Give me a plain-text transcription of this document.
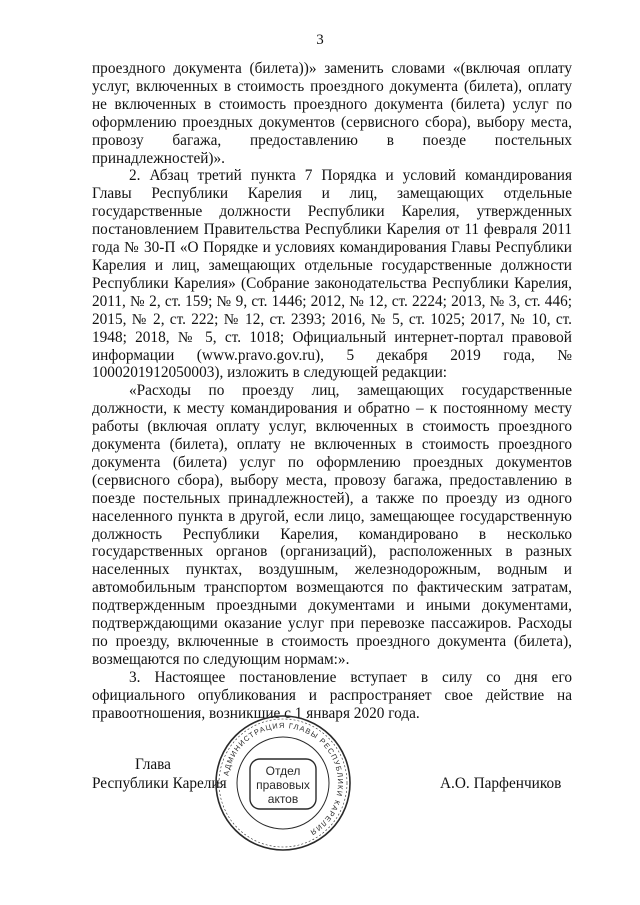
3

проездного документа (билета))» заменить словами «(включая оплату услуг, включенных в стоимость проездного документа (билета), оплату не включенных в стоимость проездного документа (билета) услуг по оформлению проездных документов (сервисного сбора), выбору места, провозу багажа, предоставлению в поезде постельных принадлежностей)».

2. Абзац третий пункта 7 Порядка и условий командирования Главы Республики Карелия и лиц, замещающих отдельные государственные должности Республики Карелия, утвержденных постановлением Правительства Республики Карелия от 11 февраля 2011 года № 30-П «О Порядке и условиях командирования Главы Республики Карелия и лиц, замещающих отдельные государственные должности Республики Карелия» (Собрание законодательства Республики Карелия, 2011, № 2, ст. 159; № 9, ст. 1446; 2012, № 12, ст. 2224; 2013, № 3, ст. 446; 2015, № 2, ст. 222; № 12, ст. 2393; 2016, № 5, ст. 1025; 2017, № 10, ст. 1948; 2018, № 5, ст. 1018; Официальный интернет-портал правовой информации (www.pravo.gov.ru), 5 декабря 2019 года, № 1000201912050003), изложить в следующей редакции:

«Расходы по проезду лиц, замещающих государственные должности, к месту командирования и обратно – к постоянному месту работы (включая оплату услуг, включенных в стоимость проездного документа (билета), оплату не включенных в стоимость проездного документа (билета) услуг по оформлению проездных документов (сервисного сбора), выбору места, провозу багажа, предоставлению в поезде постельных принадлежностей), а также по проезду из одного населенного пункта в другой, если лицо, замещающее государственную должность Республики Карелия, командировано в несколько государственных органов (организаций), расположенных в разных населенных пунктах, воздушным, железнодорожным, водным и автомобильным транспортом возмещаются по фактическим затратам, подтвержденным проездными документами и иными документами, подтверждающими оказание услуг при перевозке пассажиров. Расходы по проезду, включенные в стоимость проездного документа (билета), возмещаются по следующим нормам:».

3. Настоящее постановление вступает в силу со дня его официального опубликования и распространяет свое действие на правоотношения, возникшие с 1 января 2020 года.

Глава
Республики Карелия	А.О. Парфенчиков
АДМИНИСТРАЦИЯ ГЛАВЫ РЕСПУБЛИКИ КАРЕЛИЯ
Отдел
правовых
актов
